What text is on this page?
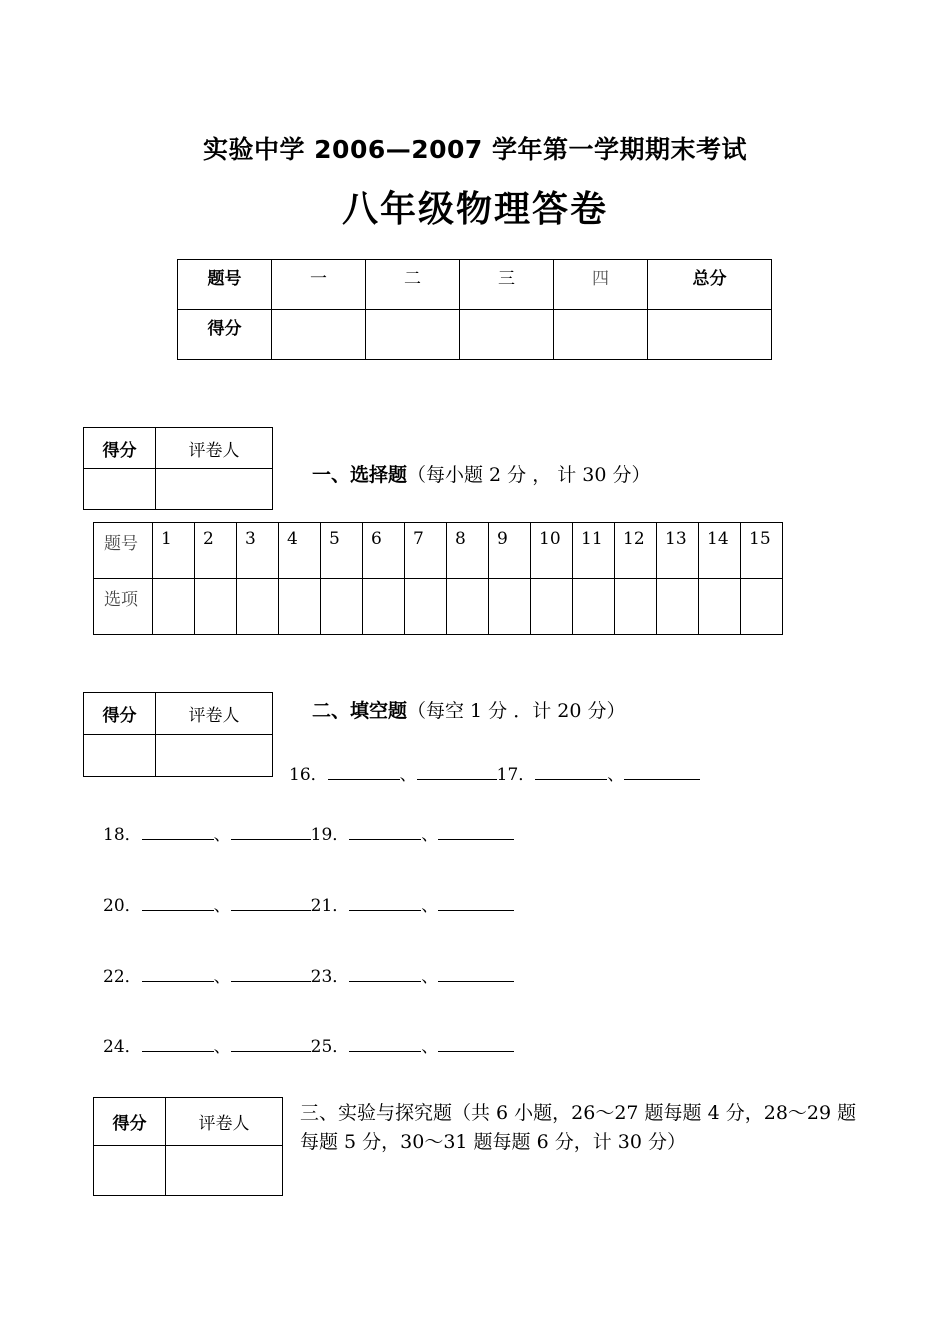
实验中学 2006—2007 学年第一学期期末考试
八年级物理答卷
题号	一	二	三	四	总分
得分					
得分	评卷人

一、选择题（每小题 2 分 ， 计 30 分）
题号	1	2	3	4	5	6	7	8	9	10	11	12	13	14	15
选项															
得分	评卷人
		二、填空题（每空 1 分 ．计 20 分）
16．	、	17．	、
18．	、	19．	、
20．	、	21．	、
22．	、	23．	、
24．	、	25．	、
得分	评卷人
		三、实验与探究题（共 6 小题，26～27 题每题 4 分，28～29 题每题 5 分，30～31 题每题 6 分，计 30 分）
